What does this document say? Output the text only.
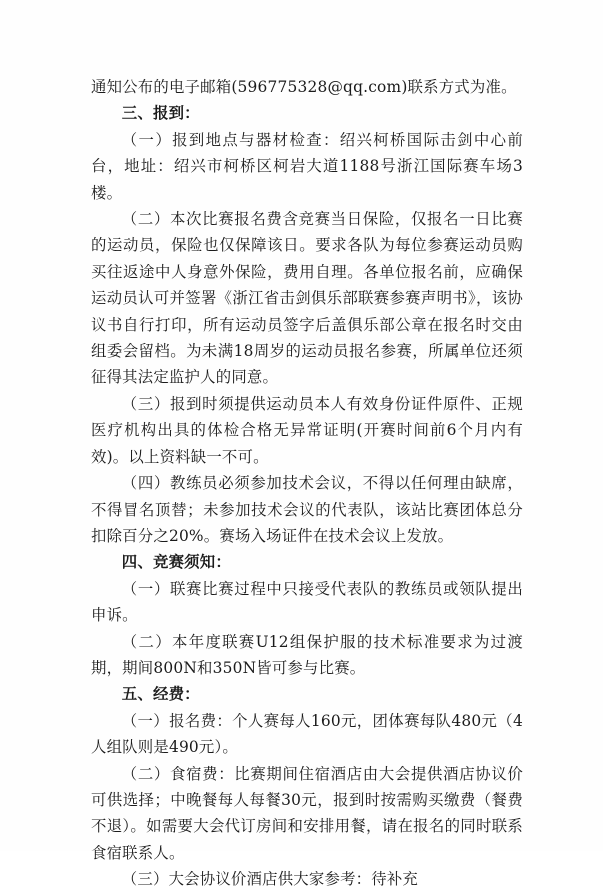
通知公布的电子邮箱(596775328@qq.com)联系方式为准。

三、报到：

（一）报到地点与器材检查：绍兴柯桥国际击剑中心前台，地址：绍兴市柯桥区柯岩大道1188号浙江国际赛车场3楼。

（二）本次比赛报名费含竞赛当日保险，仅报名一日比赛的运动员，保险也仅保障该日。要求各队为每位参赛运动员购买往返途中人身意外保险，费用自理。各单位报名前，应确保运动员认可并签署《浙江省击剑俱乐部联赛参赛声明书》，该协议书自行打印，所有运动员签字后盖俱乐部公章在报名时交由组委会留档。为未满18周岁的运动员报名参赛，所属单位还须征得其法定监护人的同意。

（三）报到时须提供运动员本人有效身份证件原件、正规医疗机构出具的体检合格无异常证明(开赛时间前6个月内有效)。以上资料缺一不可。

（四）教练员必须参加技术会议，不得以任何理由缺席，不得冒名顶替；未参加技术会议的代表队，该站比赛团体总分扣除百分之20%。赛场入场证件在技术会议上发放。

四、竞赛须知：

（一）联赛比赛过程中只接受代表队的教练员或领队提出申诉。

（二）本年度联赛U12组保护服的技术标准要求为过渡期，期间800N和350N皆可参与比赛。

五、经费：

（一）报名费：个人赛每人160元，团体赛每队480元（4人组队则是490元）。

（二）食宿费：比赛期间住宿酒店由大会提供酒店协议价可供选择；中晚餐每人每餐30元，报到时按需购买缴费（餐费不退）。如需要大会代订房间和安排用餐，请在报名的同时联系食宿联系人。

（三）大会协议价酒店供大家参考：待补充
